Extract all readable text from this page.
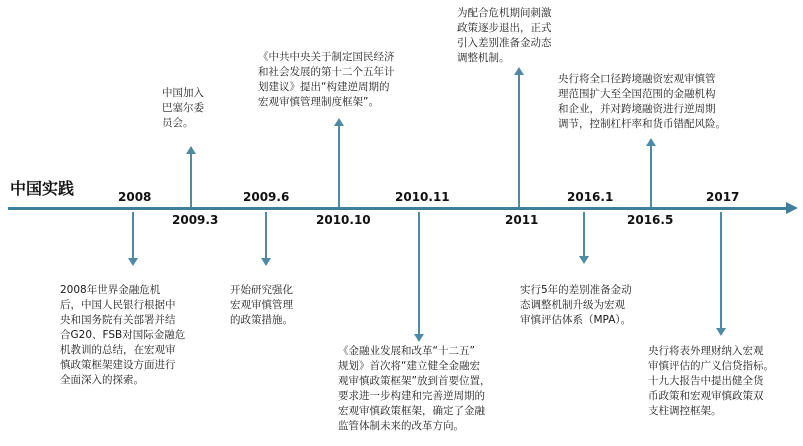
中国实践	2008
2009.3
2009.6
2010.10
2010.11
2011
2016.1
2016.5
2017
2008年世界金融危机
后，中国人民银行根据中
央和国务院有关部署并结
合G20、FSB对国际金融危
机教训的总结，在宏观审
慎政策框架建设方面进行
全面深入的探索。
中国加入
巴塞尔委
员会。
开始研究强化
宏观审慎管理
的政策措施。
《中共中央关于制定国民经济
和社会发展的第十二个五年计
划建议》提出“构建逆周期的
宏观审慎管理制度框架”。
《金融业发展和改革“十二五”
规划》首次将“建立健全金融宏
观审慎政策框架”放到首要位置，
要求进一步构建和完善逆周期的
宏观审慎政策框架，确定了金融
监管体制未来的改革方向。
为配合危机期间刺激
政策逐步退出，正式
引入差别准备金动态
调整机制。
实行5年的差别准备金动
态调整机制升级为宏观
审慎评估体系（MPA）。
央行将全口径跨境融资宏观审慎管
理范围扩大至全国范围的金融机构
和企业，并对跨境融资进行逆周期
调节，控制杠杆率和货币错配风险。
央行将表外理财纳入宏观
审慎评估的广义信贷指标。
十九大报告中提出健全货
币政策和宏观审慎政策双
支柱调控框架。
